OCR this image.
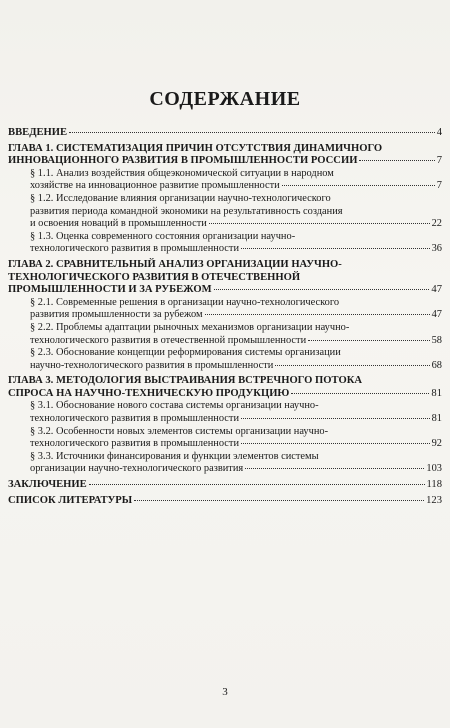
СОДЕРЖАНИЕ
ВВЕДЕНИЕ	4
ГЛАВА 1. СИСТЕМАТИЗАЦИЯ ПРИЧИН ОТСУТСТВИЯ ДИНАМИЧНОГО
ИННОВАЦИОННОГО РАЗВИТИЯ В ПРОМЫШЛЕННОСТИ РОССИИ	7
§ 1.1. Анализ воздействия общеэкономической ситуации в народном
хозяйстве на инновационное развитие промышленности	7
§ 1.2. Исследование влияния организации научно-технологического
развития периода командной экономики на результативность создания
и освоения новаций в промышленности	22
§ 1.3. Оценка современного состояния организации научно-
технологического развития в промышленности	36
ГЛАВА 2. СРАВНИТЕЛЬНЫЙ АНАЛИЗ ОРГАНИЗАЦИИ НАУЧНО-
ТЕХНОЛОГИЧЕСКОГО РАЗВИТИЯ В ОТЕЧЕСТВЕННОЙ
ПРОМЫШЛЕННОСТИ И ЗА РУБЕЖОМ	47
§ 2.1. Современные решения в организации научно-технологического
развития промышленности за рубежом	47
§ 2.2. Проблемы адаптации рыночных механизмов организации научно-
технологического развития в отечественной промышленности	58
§ 2.3. Обоснование концепции реформирования системы организации
научно-технологического развития в промышленности	68
ГЛАВА 3. МЕТОДОЛОГИЯ ВЫСТРАИВАНИЯ ВСТРЕЧНОГО ПОТОКА
СПРОСА НА НАУЧНО-ТЕХНИЧЕСКУЮ ПРОДУКЦИЮ	81
§ 3.1. Обоснование нового состава системы организации научно-
технологического развития в промышленности	81
§ 3.2. Особенности новых элементов системы организации научно-
технологического развития в промышленности	92
§ 3.3. Источники финансирования и функции элементов системы
организации научно-технологического развития	103
ЗАКЛЮЧЕНИЕ	118
СПИСОК ЛИТЕРАТУРЫ	123
3
